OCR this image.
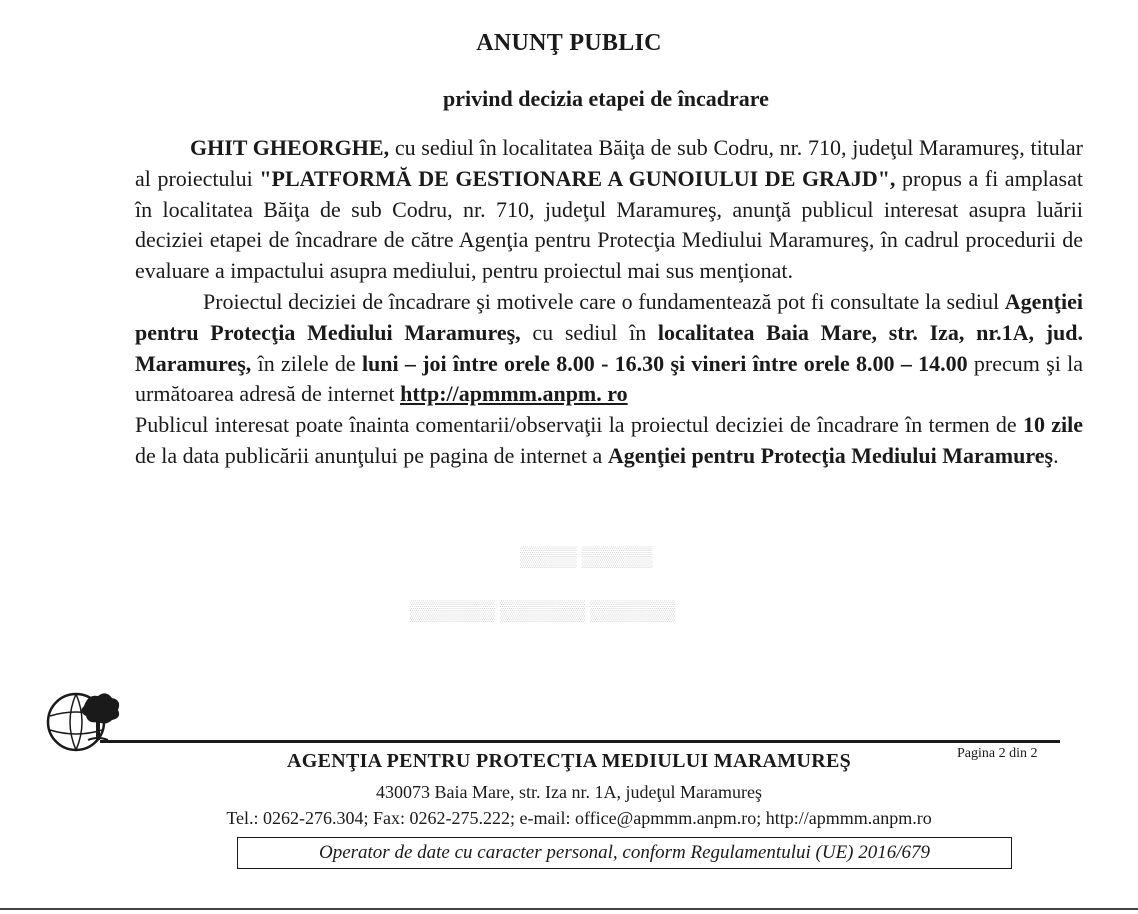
▒▒▒▒ ▒▒▒▒▒
▒▒▒▒▒▒ ▒▒▒▒▒▒ ▒▒▒▒▒▒
ANUNŢ PUBLIC
privind decizia etapei de încadrare

GHIT GHEORGHE, cu sediul în localitatea Băiţa de sub Codru, nr. 710, judeţul Maramureş, titular al proiectului "PLATFORMĂ DE GESTIONARE A GUNOIULUI DE GRAJD", propus a fi amplasat în localitatea Băiţa de sub Codru, nr. 710, judeţul Maramureş, anunţă publicul interesat asupra luării deciziei etapei de încadrare de către Agenţia pentru Protecţia Mediului Maramureş, în cadrul procedurii de evaluare a impactului asupra mediului, pentru proiectul mai sus menţionat.

Proiectul deciziei de încadrare şi motivele care o fundamentează pot fi consultate la sediul Agenţiei pentru Protecţia Mediului Maramureş, cu sediul în localitatea Baia Mare, str. Iza, nr.1A, jud. Maramureş, în zilele de luni – joi între orele 8.00 - 16.30 şi vineri între orele 8.00 – 14.00 precum şi la următoarea adresă de internet http://apmmm.anpm. ro

Publicul interesat poate înainta comentarii/observaţii la proiectul deciziei de încadrare în termen de 10 zile de la data publicării anunţului pe pagina de internet a Agenţiei pentru Protecţia Mediului Maramureş.

AGENŢIA PENTRU PROTECŢIA MEDIULUI MARAMUREŞ	Pagina 2 din 2
430073 Baia Mare, str. Iza nr. 1A, judeţul Maramureş
Tel.: 0262-276.304; Fax: 0262-275.222; e-mail: office@apmmm.anpm.ro; http://apmmm.anpm.ro
Operator de date cu caracter personal, conform Regulamentului (UE) 2016/679
